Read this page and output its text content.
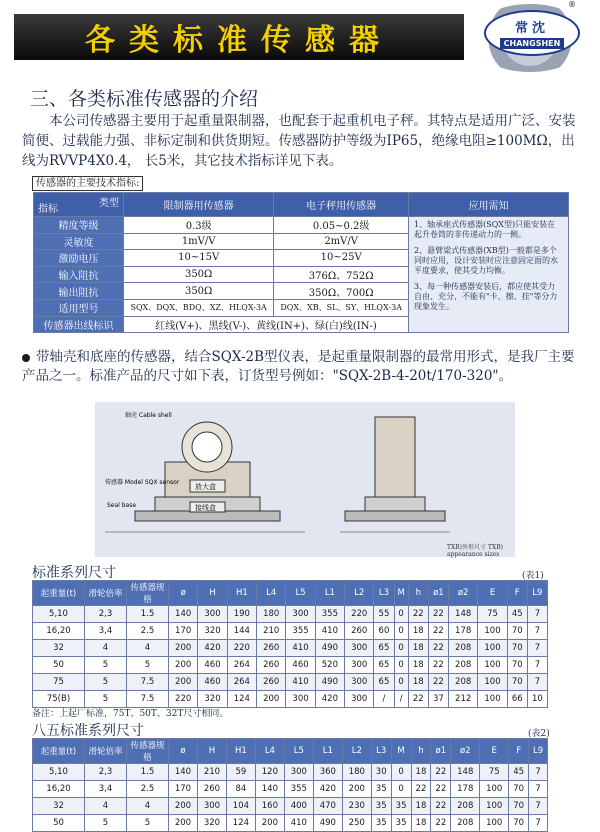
各类标准传感器	常沈
CHANGSHEN
®
三、各类标准传感器的介绍
本公司传感器主要用于起重量限制器，也配套于起重机电子秤。其特点是适用广泛、安装简便、过载能力强、非标定制和供货期短。传感器防护等级为IP65，绝缘电阻≥100MΩ，出线为RVVP4X0.4， 长5米，其它技术指标详见下表。
传感器的主要技术指标:
类型
指标	限制器用传感器	电子秤用传感器	应用需知
精度等级	0.3级	0.05~0.2级	1、轴承座式传感器(SQX型)只能安装在起升卷筒的非传递动力的一侧。

2、悬臂梁式传感器(XB型)一般都是多个同时应用，设计安装时应注意固定面的水平度要求，使其受力均衡。

3、每一种传感器安装后，都应使其受力自由、充分，不能有"卡、擦、挂"等分力现象发生。

灵敏度	1mV/V	2mV/V	
激励电压	10~15V	10~25V	
输入阻抗	350Ω	376Ω、752Ω	
输出阻抗	350Ω	350Ω、700Ω	
适用型号	SQX、DQX、BDQ、XZ、HLQX-3A	DQX、XB、SL、SY、HLQX-3A	
传感器出线标识	红线(V+)、黑线(V-)、黄线(IN+)、绿(白)线(IN-)		
带轴壳和底座的传感器，结合SQX-2B型仪表，是起重量限制器的最常用形式，是我厂主要产品之一。标准产品的尺寸如下表，订货型号例如："SQX-2B-4-20t/170-320"。
轴壳 Cable shell
传感器 Model SQX sensor
放大盒
接线盒
Seal base
TXB)外形尺寸 TXB) appearance sizes
标准系列尺寸	(表1)
起重量(t)	滑轮倍率	传感器规格	ø	H	H1	L4	L5	L1	L2	L3	M	h	ø1	ø2	E	F	L9
5,10	2,3	1.5	140	300	190	180	300	355	220	55	0	22	22	148	75	45	7
16,20	3,4	2.5	170	320	144	210	355	410	260	60	0	18	22	178	100	70	7
32	4	4	200	420	220	260	410	490	300	65	0	18	22	208	100	70	7
50	5	5	200	460	264	260	460	520	300	65	0	18	22	208	100	70	7
75	5	7.5	200	460	264	260	410	490	300	65	0	18	22	208	100	70	7
75(B)	5	7.5	220	320	124	200	300	420	300	/	/	22	37	212	100	66	10
备注：上起厂标准，75T、50T、32T尺寸相同。
八五标准系列尺寸	(表2)
起重量(t)	滑轮倍率	传感器规格	ø	H	H1	L4	L5	L1	L2	L3	M	h	ø1	ø2	E	F	L9
5,10	2,3	1.5	140	210	59	120	300	360	180	30	0	18	22	148	75	45	7
16,20	3,4	2.5	170	260	84	140	355	420	200	35	0	22	22	178	100	70	7
32	4	4	200	300	104	160	400	470	230	35	35	18	22	208	100	70	7
50	5	5	200	320	124	200	410	490	250	35	35	18	22	208	100	70	7
